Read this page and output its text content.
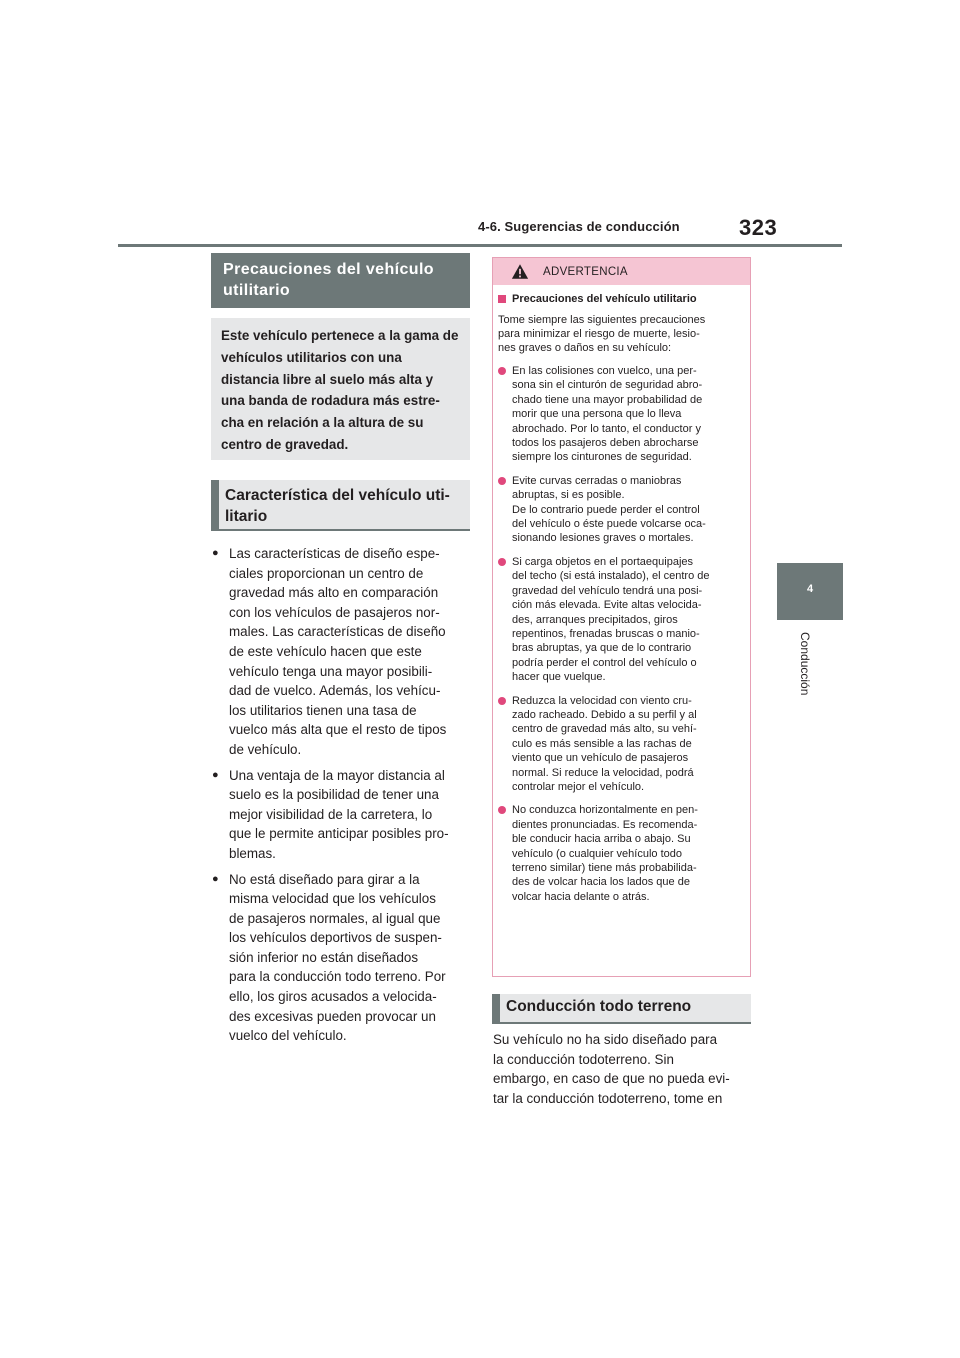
4-6. Sugerencias de conducción	323
4
Conducción
Precauciones del vehículo utilitario

Este vehículo pertenece a la gama de vehículos utilitarios con una distancia libre al suelo más alta y una banda de rodadura más estre-cha en relación a la altura de su centro de gravedad.

Característica del vehículo uti-litario
● Las características de diseño espe-
ciales proporcionan un centro de
gravedad más alto en comparación
con los vehículos de pasajeros nor-
males. Las características de diseño
de este vehículo hacen que este
vehículo tenga una mayor posibili-
dad de vuelco. Además, los vehícu-
los utilitarios tienen una tasa de
vuelco más alta que el resto de tipos
de vehículo.
● Una ventaja de la mayor distancia al
suelo es la posibilidad de tener una
mejor visibilidad de la carretera, lo
que le permite anticipar posibles pro-
blemas.
● No está diseñado para girar a la
misma velocidad que los vehículos
de pasajeros normales, al igual que
los vehículos deportivos de suspen-
sión inferior no están diseñados
para la conducción todo terreno. Por
ello, los giros acusados a velocida-
des excesivas pueden provocar un
vuelco del vehículo.
ADVERTENCIA
Precauciones del vehículo utilitario
Tome siempre las siguientes precauciones
para minimizar el riesgo de muerte, lesio-
nes graves o daños en su vehículo:
En las colisiones con vuelco, una per-
sona sin el cinturón de seguridad abro-
chado tiene una mayor probabilidad de
morir que una persona que lo lleva
abrochado. Por lo tanto, el conductor y
todos los pasajeros deben abrocharse
siempre los cinturones de seguridad.
Evite curvas cerradas o maniobras
abruptas, si es posible.
De lo contrario puede perder el control
del vehículo o éste puede volcarse oca-
sionando lesiones graves o mortales.
Si carga objetos en el portaequipajes
del techo (si está instalado), el centro de
gravedad del vehículo tendrá una posi-
ción más elevada. Evite altas velocida-
des, arranques precipitados, giros
repentinos, frenadas bruscas o manio-
bras abruptas, ya que de lo contrario
podría perder el control del vehículo o
hacer que vuelque.
Reduzca la velocidad con viento cru-
zado racheado. Debido a su perfil y al
centro de gravedad más alto, su vehí-
culo es más sensible a las rachas de
viento que un vehículo de pasajeros
normal. Si reduce la velocidad, podrá
controlar mejor el vehículo.
No conduzca horizontalmente en pen-
dientes pronunciadas. Es recomenda-
ble conducir hacia arriba o abajo. Su
vehículo (o cualquier vehículo todo
terreno similar) tiene más probabilida-
des de volcar hacia los lados que de
volcar hacia delante o atrás.
Conducción todo terreno
Su vehículo no ha sido diseñado para
la conducción todoterreno. Sin
embargo, en caso de que no pueda evi-
tar la conducción todoterreno, tome en
